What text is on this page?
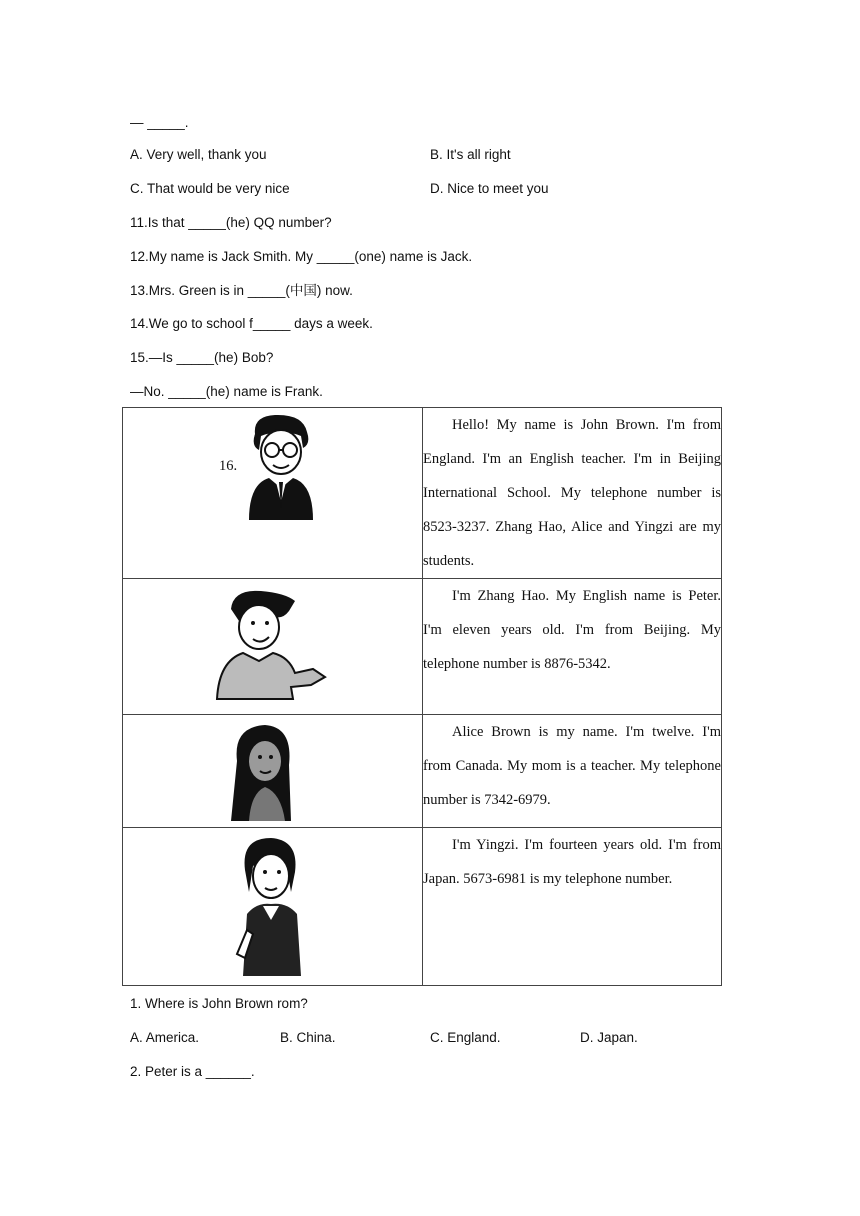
— _____.
A. Very well, thank you	B. It's all right
C. That would be very nice	D. Nice to meet you
11.Is that _____(he) QQ number?
12.My name is Jack Smith. My _____(one) name is Jack.
13.Mrs. Green is in _____(中国) now.
14.We go to school f_____ days a week.
15.—Is _____(he) Bob?
—No. _____(he) name is Frank.
16.	Hello! My name is John Brown. I'm from England. I'm an English teacher. I'm in Beijing International School. My telephone number is 8523-3237. Zhang Hao, Alice and Yingzi are my students.

	I'm Zhang Hao. My English name is Peter. I'm eleven years old. I'm from Beijing. My telephone number is 8876-5342.

	Alice Brown is my name. I'm twelve. I'm from Canada. My mom is a teacher. My telephone number is 7342-6979.

	I'm Yingzi. I'm fourteen years old. I'm from Japan. 5673-6981 is my telephone number.
1. Where is John Brown rom?
A. America.	B. China.	C. England.	D. Japan.
2. Peter is a ______.
